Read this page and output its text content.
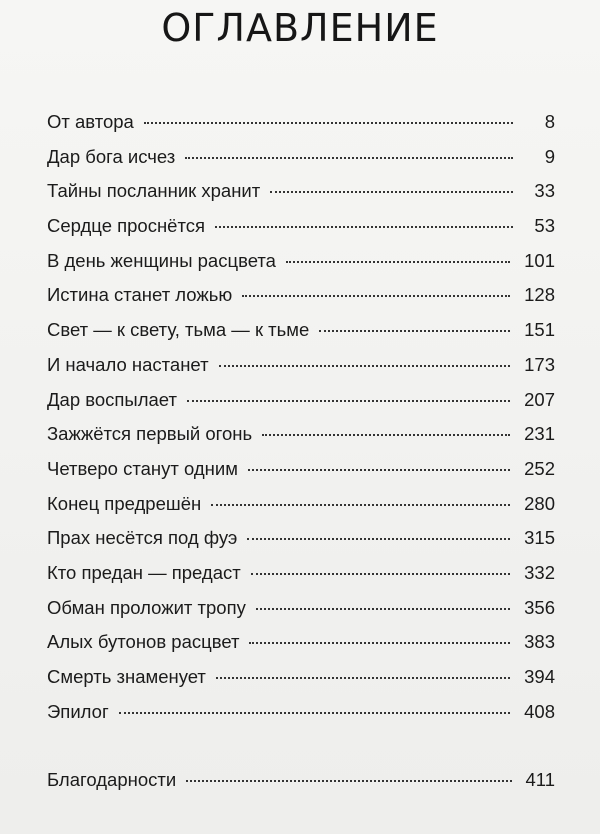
ОГЛАВЛЕНИЕ
От автора	8
Дар бога исчез	9
Тайны посланник хранит	33
Сердце проснётся	53
В день женщины расцвета	101
Истина станет ложью	128
Свет — к свету, тьма — к тьме	151
И начало настанет	173
Дар воспылает	207
Зажжётся первый огонь	231
Четверо станут одним	252
Конец предрешён	280
Прах несётся под фуэ	315
Кто предан — предаст	332
Обман проложит тропу	356
Алых бутонов расцвет	383
Смерть знаменует	394
Эпилог	408
Благодарности	411
